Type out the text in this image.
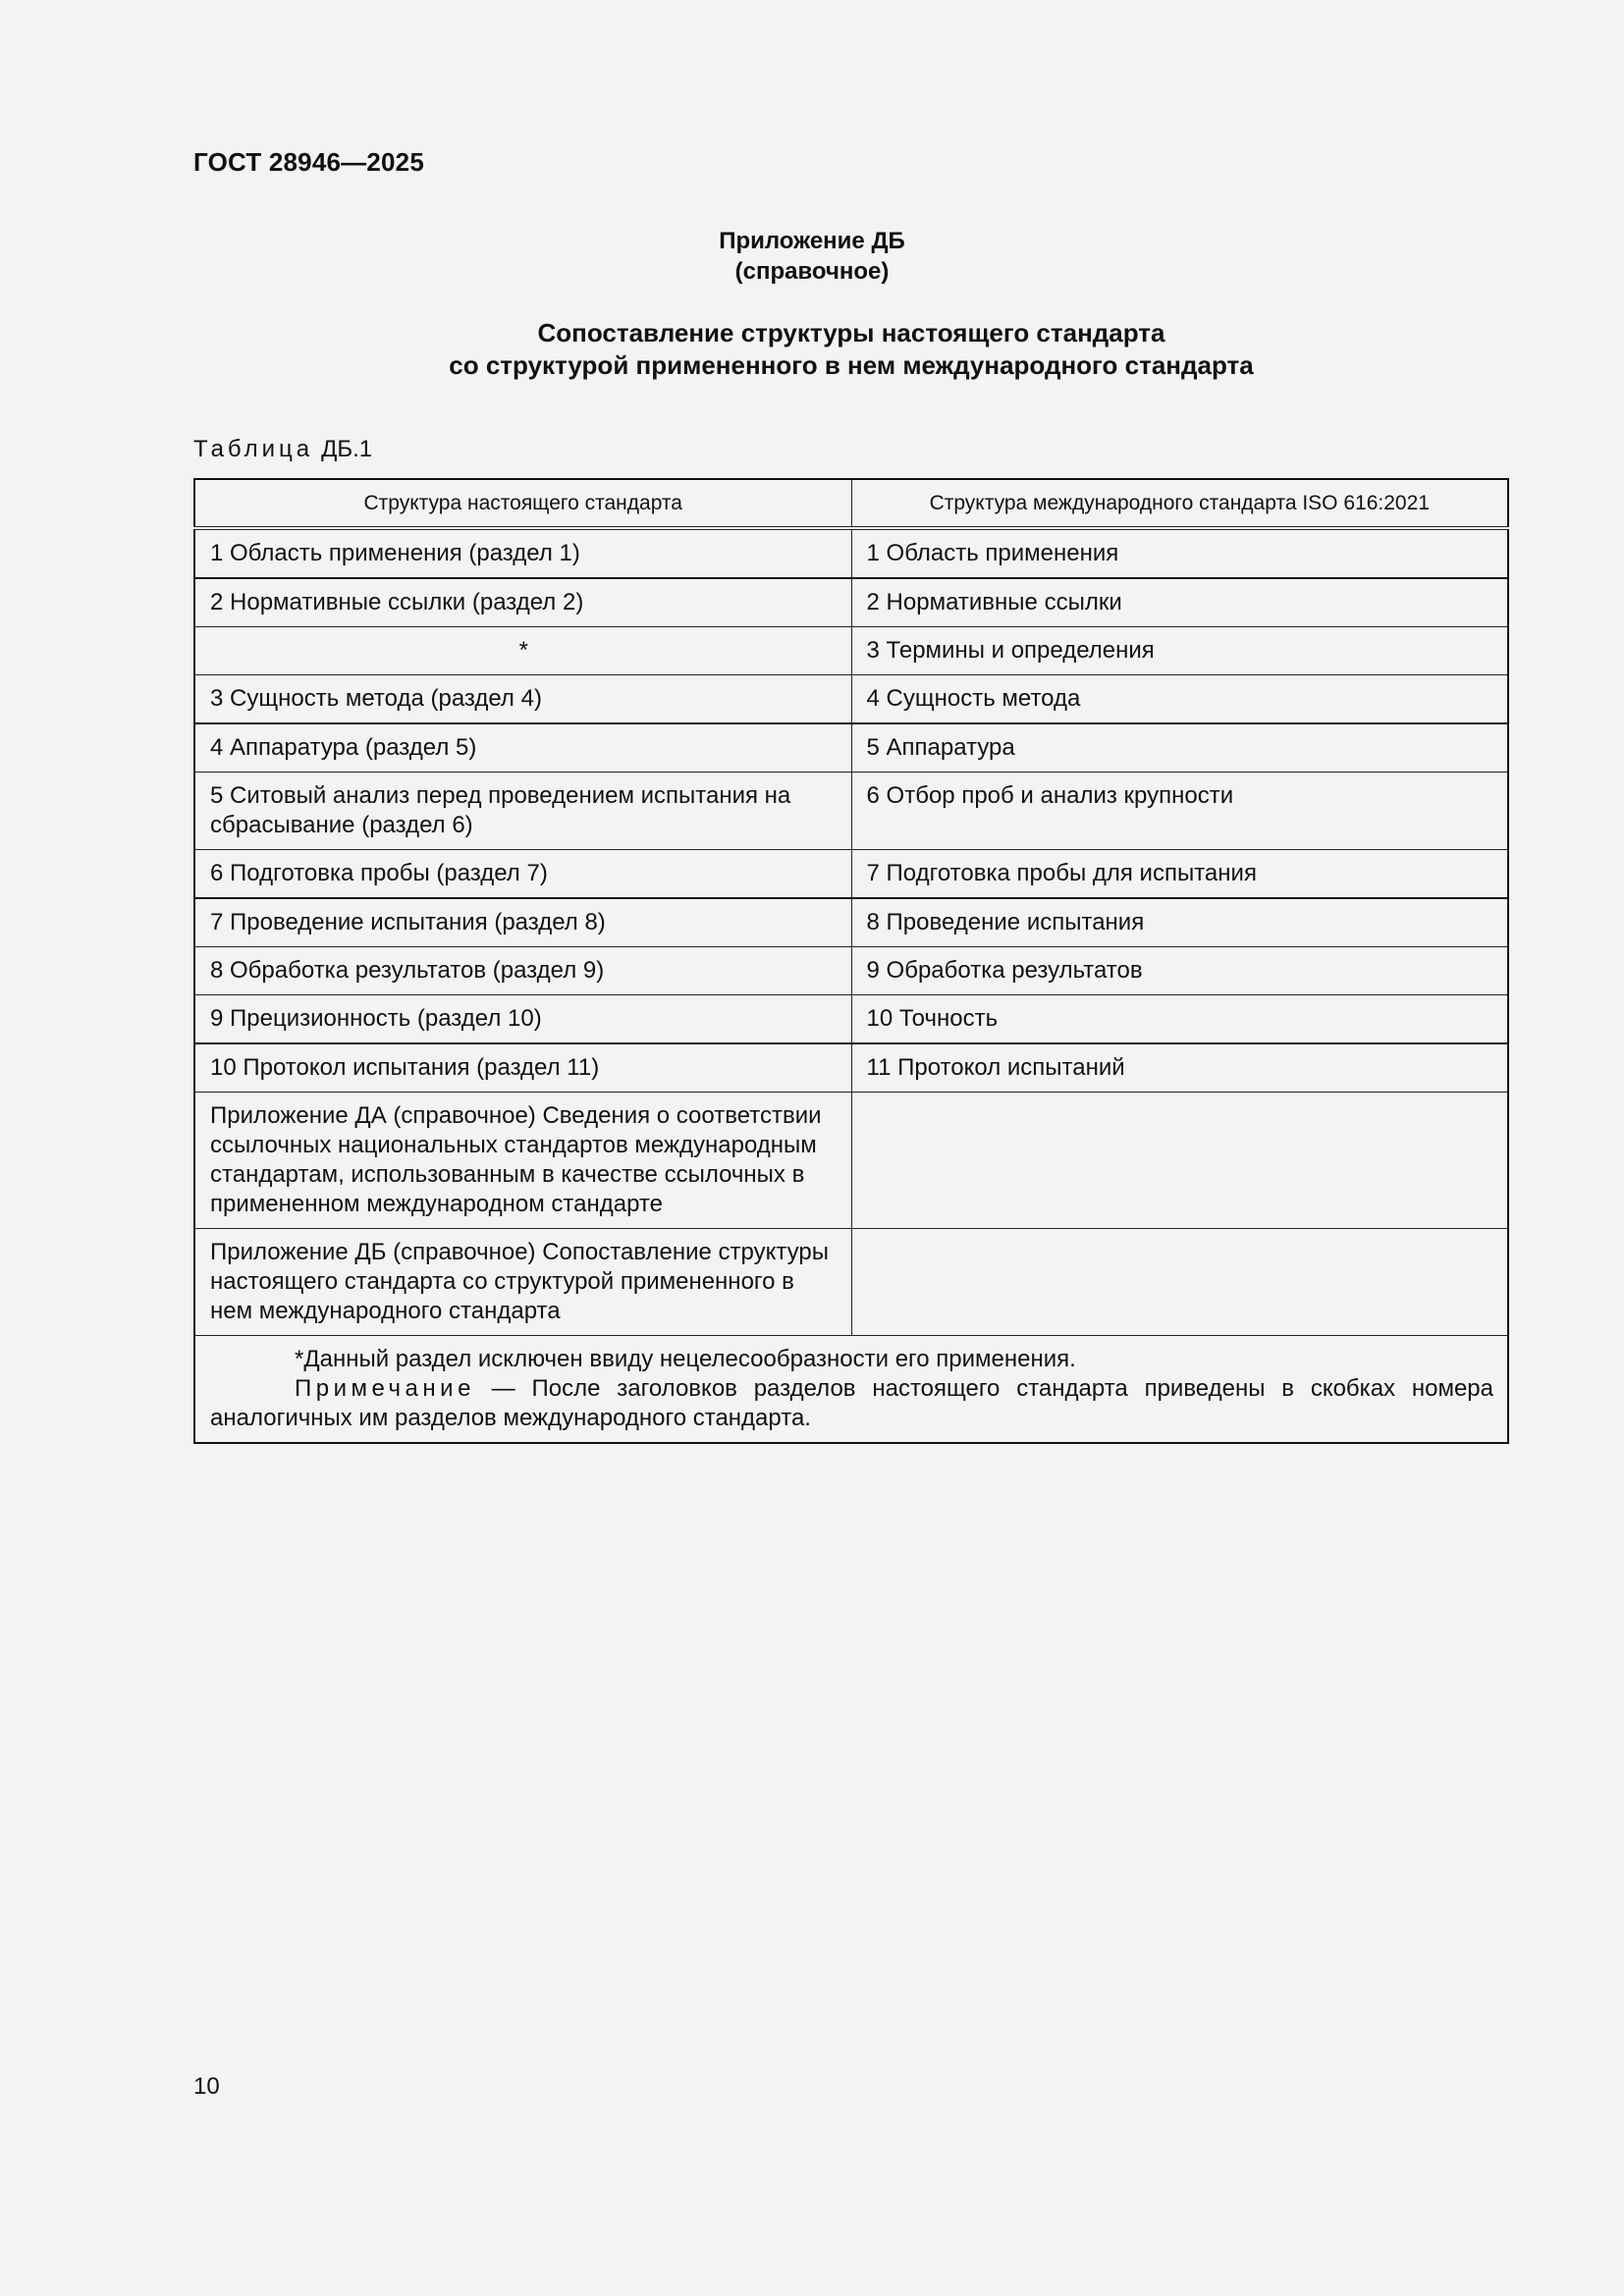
ГОСТ 28946—2025
Приложение ДБ
(справочное)
Сопоставление структуры настоящего стандарта
со структурой примененного в нем международного стандарта
Таблица ДБ.1
Структура настоящего стандарта	Структура международного стандарта ISO 616:2021
1 Область применения (раздел 1)	1 Область применения
2 Нормативные ссылки (раздел 2)	2 Нормативные ссылки
*	3 Термины и определения
3 Сущность метода (раздел 4)	4 Сущность метода
4 Аппаратура (раздел 5)	5 Аппаратура
5 Ситовый анализ перед проведением испытания на сбрасывание (раздел 6)	6 Отбор проб и анализ крупности
6 Подготовка пробы (раздел 7)	7 Подготовка пробы для испытания
7 Проведение испытания (раздел 8)	8 Проведение испытания
8 Обработка результатов (раздел 9)	9 Обработка результатов
9 Прецизионность (раздел 10)	10 Точность
10 Протокол испытания (раздел 11)	11 Протокол испытаний
Приложение ДА (справочное) Сведения о соответствии ссылочных национальных стандартов международным стандартам, использованным в качестве ссылочных в примененном международном стандарте	
Приложение ДБ (справочное) Сопоставление структуры настоящего стандарта со структурой примененного в нем международного стандарта	

*Данный раздел исключен ввиду нецелесообразности его применения.
Примечание — После заголовков разделов настоящего стандарта приведены в скобках номера аналогичных им разделов международного стандарта.	
10
